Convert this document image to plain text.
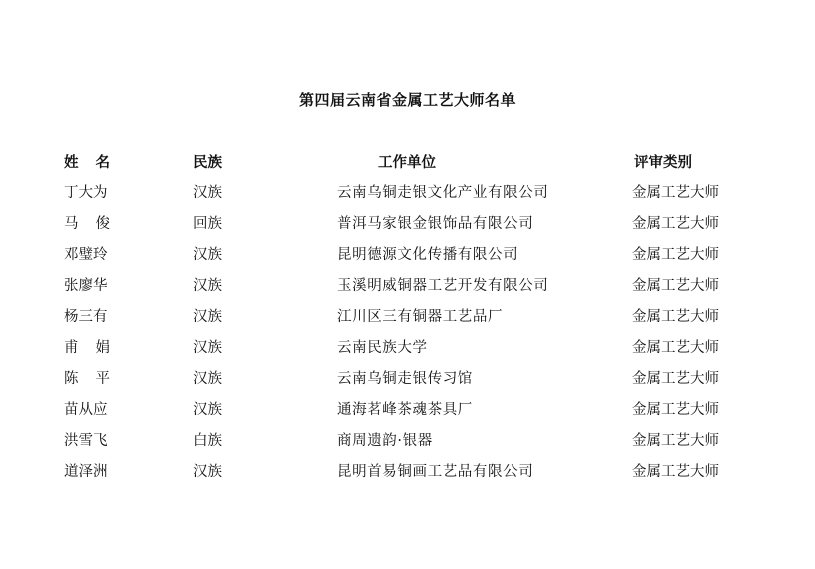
第四届云南省金属工艺大师名单
姓名	民族	工作单位	评审类别
丁大为	汉族	云南乌铜走银文化产业有限公司	金属工艺大师
马俊	回族	普洱马家银金银饰品有限公司	金属工艺大师
邓璧玲	汉族	昆明德源文化传播有限公司	金属工艺大师
张廖华	汉族	玉溪明威铜器工艺开发有限公司	金属工艺大师
杨三有	汉族	江川区三有铜器工艺品厂	金属工艺大师
甫娟	汉族	云南民族大学	金属工艺大师
陈平	汉族	云南乌铜走银传习馆	金属工艺大师
苗从应	汉族	通海茗峰茶魂茶具厂	金属工艺大师
洪雪飞	白族	商周遗韵·银器	金属工艺大师
道泽洲	汉族	昆明首易铜画工艺品有限公司	金属工艺大师
